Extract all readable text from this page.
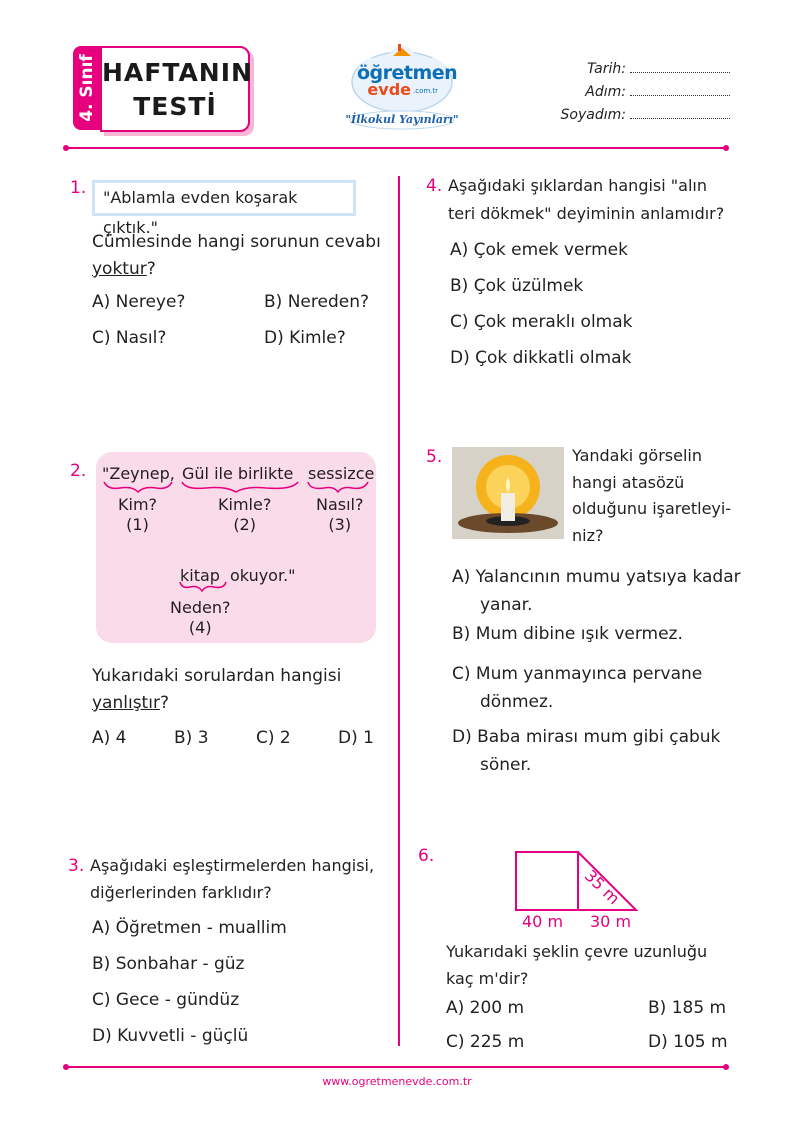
4. Sınıf HAFTANIN
TESTİ
öğretmen
evde .com.tr
"İlkokul Yayınları"
Tarih:
Adım:
Soyadım:
1.	"Ablamla evden koşarak çıktık."
Cümlesinde hangi sorunun cevabı
yoktur?
A) Nereye?	B) Nereden?
C) Nasıl?	D) Kimle?
2. "Zeynep, Gül ile birlikte sessizce
Kim?
(1)
Kimle?
(2)
Nasıl?
(3)
kitap okuyor."
Neden?
(4)
Yukarıdaki sorulardan hangisi
yanlıştır?
A) 4	B) 3	C) 2	D) 1
3. Aşağıdaki eşleştirmelerden hangisi,
diğerlerinden farklıdır?
A) Öğretmen - muallim
B) Sonbahar - güz
C) Gece - gündüz
D) Kuvvetli - güçlü
4. Aşağıdaki şıklardan hangisi "alın
teri dökmek" deyiminin anlamıdır?
A) Çok emek vermek
B) Çok üzülmek
C) Çok meraklı olmak
D) Çok dikkatli olmak
5.	Yandaki görselin
hangi atasözü
olduğunu işaretleyi-
niz?
A) Yalancının mumu yatsıya kadar
yanar.
B) Mum dibine ışık vermez.
C) Mum yanmayınca pervane
dönmez.
D) Baba mirası mum gibi çabuk
söner.
6.
35 m
40 m 30 m
Yukarıdaki şeklin çevre uzunluğu
kaç m'dir?
A) 200 m	B) 185 m
C) 225 m	D) 105 m
www.ogretmenevde.com.tr
